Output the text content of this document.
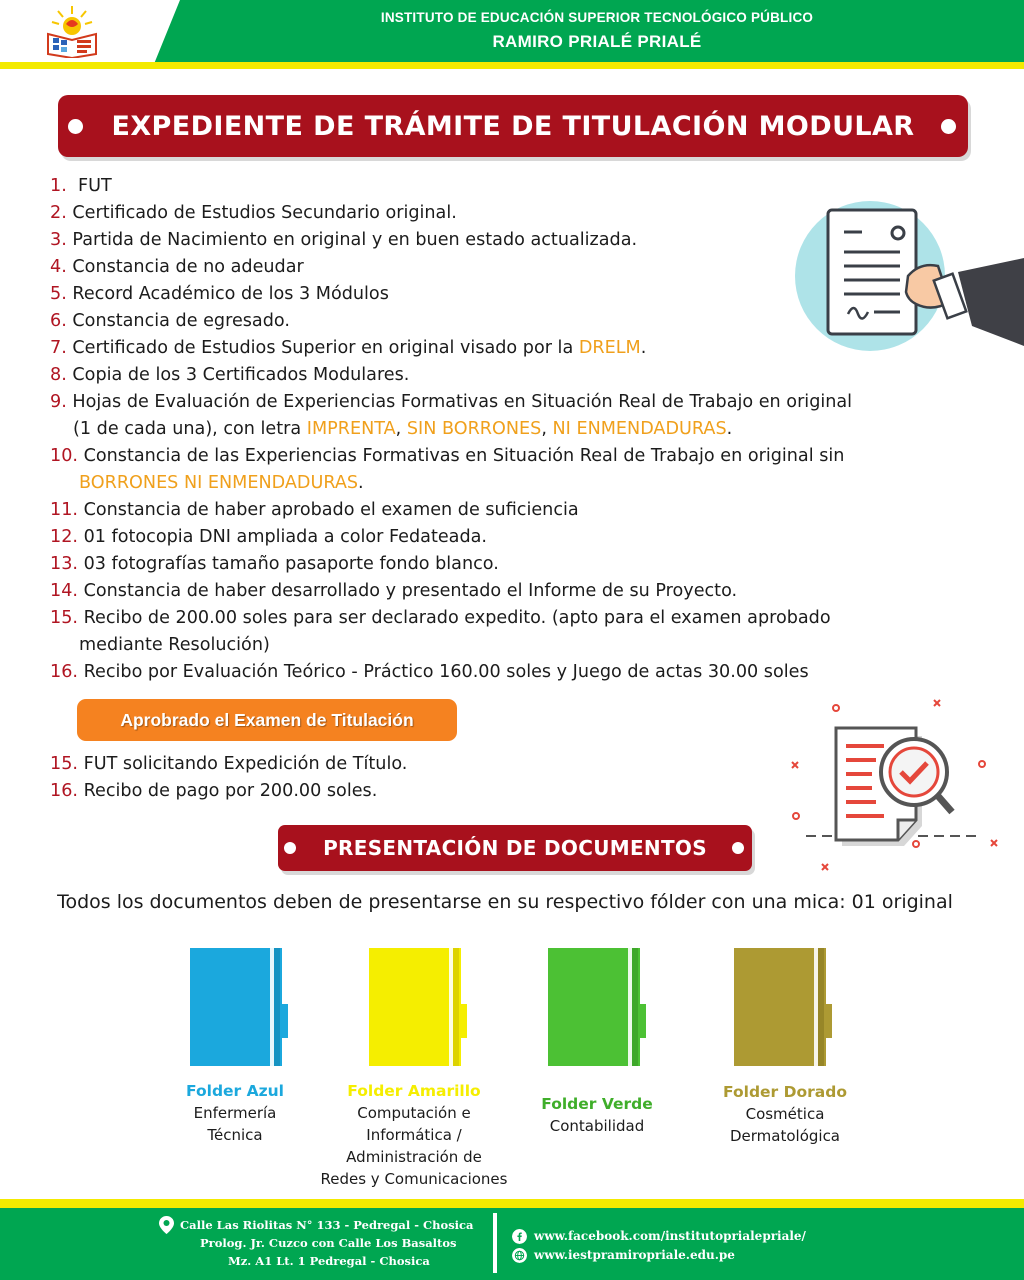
INSTITUTO DE EDUCACIÓN SUPERIOR TECNOLÓGICO PÚBLICO
RAMIRO PRIALÉ PRIALÉ
EXPEDIENTE DE TRÁMITE DE TITULACIÓN MODULAR
1. FUT
2. Certificado de Estudios Secundario original.
3. Partida de Nacimiento en original y en buen estado actualizada.
4. Constancia de no adeudar
5. Record Académico de los 3 Módulos
6. Constancia de egresado.
7. Certificado de Estudios Superior en original visado por la DRELM.
8. Copia de los 3 Certificados Modulares.
9. Hojas de Evaluación de Experiencias Formativas en Situación Real de Trabajo en original
(1 de cada una), con letra IMPRENTA, SIN BORRONES, NI ENMENDADURAS.
10. Constancia de las Experiencias Formativas en Situación Real de Trabajo en original sin
BORRONES NI ENMENDADURAS.
11. Constancia de haber aprobado el examen de suficiencia
12. 01 fotocopia DNI ampliada a color Fedateada.
13. 03 fotografías tamaño pasaporte fondo blanco.
14. Constancia de haber desarrollado y presentado el Informe de su Proyecto.
15. Recibo de 200.00 soles para ser declarado expedito. (apto para el examen aprobado
mediante Resolución)
16. Recibo por Evaluación Teórico - Práctico 160.00 soles y Juego de actas 30.00 soles
Aprobrado el Examen de Titulación
15. FUT solicitando Expedición de Título.
16. Recibo de pago por 200.00 soles.
PRESENTACIÓN DE DOCUMENTOS
Todos los documentos deben de presentarse en su respectivo fólder con una mica: 01 original
Folder Azul
Enfermería
Técnica
Folder Amarillo
Computación e
Informática /
Administración de
Redes y Comunicaciones
Folder Verde
Contabilidad
Folder Dorado
Cosmética
Dermatológica
Calle Las Riolitas N° 133 - Pedregal - Chosica
Prolog. Jr. Cuzco con Calle Los Basaltos
Mz. A1 Lt. 1 Pedregal - Chosica
www.facebook.com/institutoprialepriale/
www.iestpramiropriale.edu.pe
